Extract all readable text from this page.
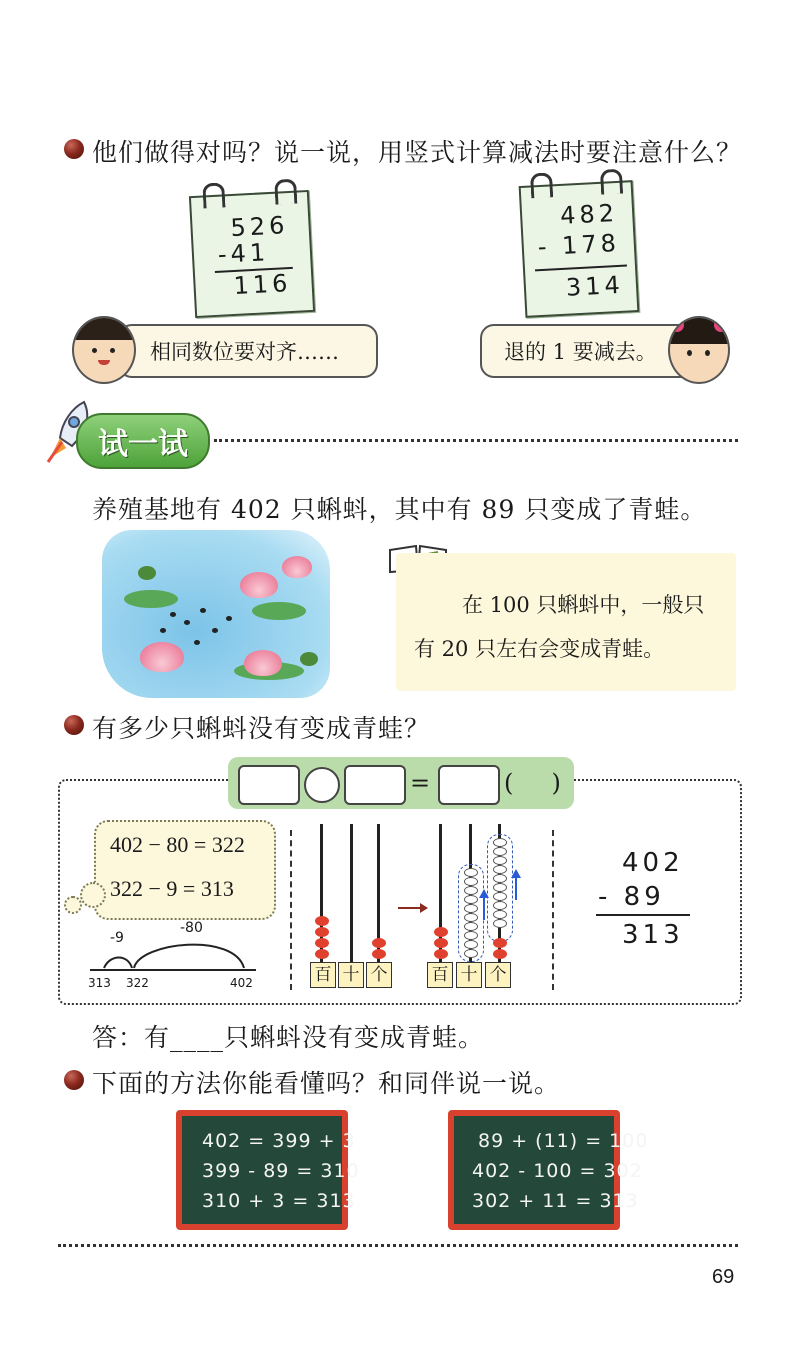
他们做得对吗？说一说，用竖式计算减法时要注意什么？
526
-41
116
482
- 178
314
相同数位要对齐……	退的 1 要减去。
试一试
养殖基地有 402 只蝌蚪，其中有 89 只变成了青蛙。
在 100 只蝌蚪中，一般只
有 20 只左右会变成青蛙。
有多少只蝌蚪没有变成青蛙？
=	(     )
402 − 80 = 322
322 − 9 = 313
-9
-80
313 322	402	百 十 个	百 十 个
402
- 89
313
答：有____只蝌蚪没有变成青蛙。
下面的方法你能看懂吗？和同伴说一说。
402 = 399 + 3
399 - 89 = 310
310 + 3 = 313
89 + (11) = 100
402 - 100 = 302
302 + 11 = 313
69
